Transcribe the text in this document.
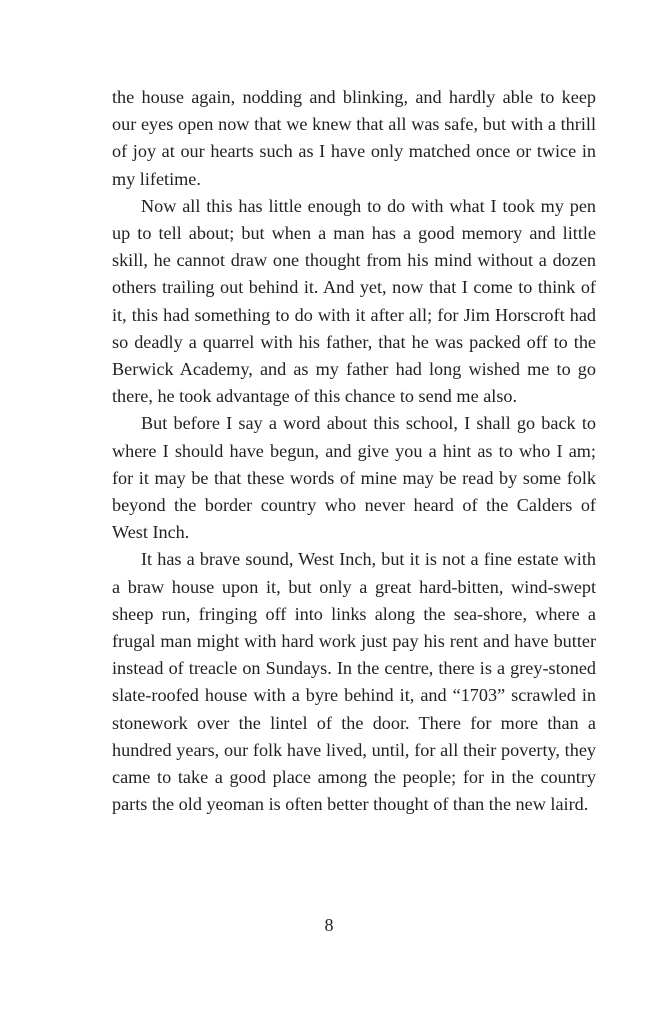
the house again, nodding and blinking, and hardly able to keep our eyes open now that we knew that all was safe, but with a thrill of joy at our hearts such as I have only matched once or twice in my lifetime.

Now all this has little enough to do with what I took my pen up to tell about; but when a man has a good memory and little skill, he cannot draw one thought from his mind without a dozen others trailing out behind it. And yet, now that I come to think of it, this had something to do with it after all; for Jim Horscroft had so deadly a quarrel with his father, that he was packed off to the Berwick Academy, and as my father had long wished me to go there, he took advantage of this chance to send me also.

But before I say a word about this school, I shall go back to where I should have begun, and give you a hint as to who I am; for it may be that these words of mine may be read by some folk beyond the border country who never heard of the Calders of West Inch.

It has a brave sound, West Inch, but it is not a fine estate with a braw house upon it, but only a great hard-bitten, wind-swept sheep run, fringing off into links along the sea-shore, where a frugal man might with hard work just pay his rent and have butter instead of treacle on Sundays. In the centre, there is a grey-stoned slate-roofed house with a byre behind it, and “1703” scrawled in stonework over the lintel of the door. There for more than a hundred years, our folk have lived, until, for all their poverty, they came to take a good place among the people; for in the country parts the old yeoman is often better thought of than the new laird.

8
